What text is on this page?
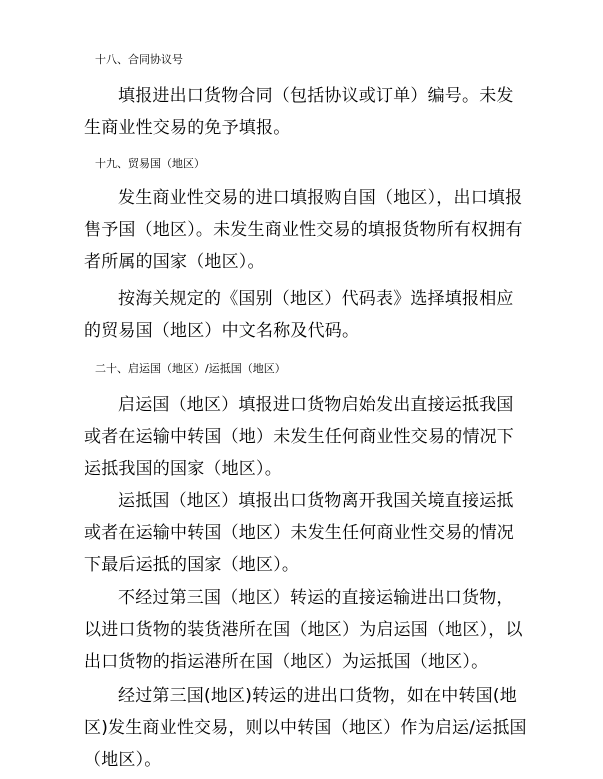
十八、合同协议号

填报进出口货物合同（包括协议或订单）编号。未发生商业性交易的免予填报。

十九、贸易国（地区）

发生商业性交易的进口填报购自国（地区），出口填报售予国（地区）。未发生商业性交易的填报货物所有权拥有者所属的国家（地区）。

按海关规定的《国别（地区）代码表》选择填报相应的贸易国（地区）中文名称及代码。

二十、启运国（地区）/运抵国（地区）

启运国（地区）填报进口货物启始发出直接运抵我国或者在运输中转国（地）未发生任何商业性交易的情况下运抵我国的国家（地区）。

运抵国（地区）填报出口货物离开我国关境直接运抵或者在运输中转国（地区）未发生任何商业性交易的情况下最后运抵的国家（地区）。

不经过第三国（地区）转运的直接运输进出口货物，以进口货物的装货港所在国（地区）为启运国（地区），以出口货物的指运港所在国（地区）为运抵国（地区）。

经过第三国(地区)转运的进出口货物，如在中转国(地区)发生商业性交易，则以中转国（地区）作为启运/运抵国（地区）。
